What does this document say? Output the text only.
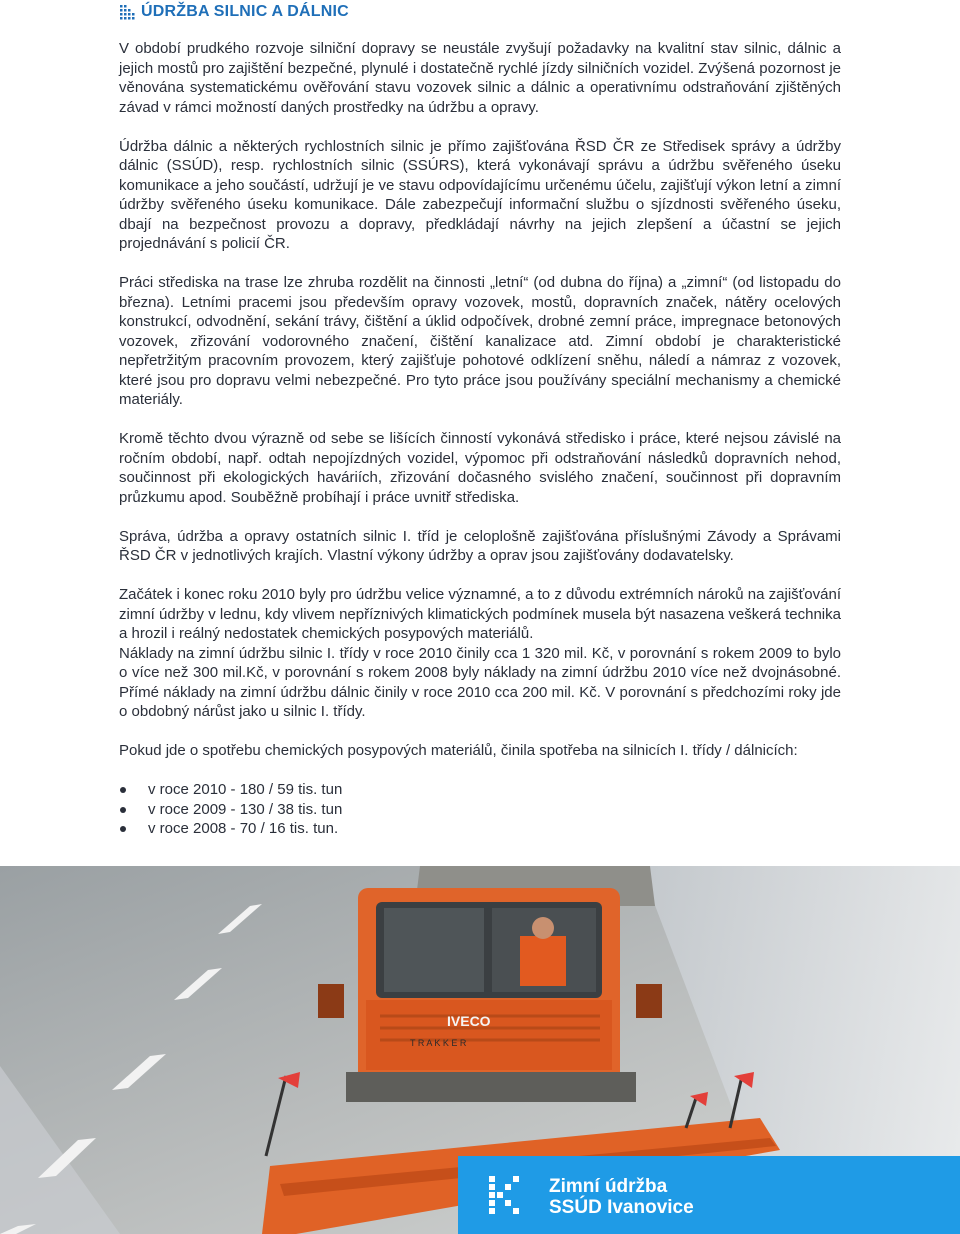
ÚDRŽBA SILNIC A DÁLNIC

V období prudkého rozvoje silniční dopravy se neustále zvyšují požadavky na kvalitní stav silnic, dálnic a jejich mostů pro zajištění bezpečné, plynulé i dostatečně rychlé jízdy silničních vozidel. Zvýšená pozornost je věnována systematickému ověřování stavu vozovek silnic a dálnic a operativnímu odstraňování zjištěných závad v rámci možností daných prostředky na údržbu a opravy.

Údržba dálnic a některých rychlostních silnic je přímo zajišťována ŘSD ČR ze Středisek správy a údržby dálnic (SSÚD), resp. rychlostních silnic (SSÚRS), která vykonávají správu a údržbu svěřeného úseku komunikace a jeho součástí, udržují je ve stavu odpovídajícímu určenému účelu, zajišťují výkon letní a zimní údržby svěřeného úseku komunikace. Dále zabezpečují informační službu o sjízdnosti svěřeného úseku, dbají na bezpečnost provozu a dopravy, předkládají návrhy na jejich zlepšení a účastní se jejich projednávání s policií ČR.

Práci střediska na trase lze zhruba rozdělit na činnosti „letní“ (od dubna do října) a „zimní“ (od listopadu do března). Letními pracemi jsou především opravy vozovek, mostů, dopravních značek, nátěry ocelových konstrukcí, odvodnění, sekání trávy, čištění a úklid odpočívek, drobné zemní práce, impregnace betonových vozovek, zřizování vodorovného značení, čištění kanalizace atd. Zimní období je charakteristické nepřetržitým pracovním provozem, který zajišťuje pohotové odklízení sněhu, náledí a námraz z vozovek, které jsou pro dopravu velmi nebezpečné. Pro tyto práce jsou používány speciální mechanismy a chemické materiály.

Kromě těchto dvou výrazně od sebe se lišících činností vykonává středisko i práce, které nejsou závislé na ročním období, např. odtah nepojízdných vozidel, výpomoc při odstraňování následků dopravních nehod, součinnost při ekologických haváriích, zřizování dočasného svislého značení, součinnost při dopravním průzkumu apod. Souběžně probíhají i práce uvnitř střediska.

Správa, údržba a opravy ostatních silnic I. tříd je celoplošně zajišťována příslušnými Závody a Správami ŘSD ČR v jednotlivých krajích. Vlastní výkony údržby a oprav jsou zajišťovány dodavatelsky.

Začátek i konec roku 2010 byly pro údržbu velice významné, a to z důvodu extrémních nároků na zajišťování zimní údržby v lednu, kdy vlivem nepříznivých klimatických podmínek musela být nasazena veškerá technika a hrozil i reálný nedostatek chemických posypových materiálů.

Náklady na zimní údržbu silnic I. třídy v roce 2010 činily cca 1 320 mil. Kč, v porovnání s rokem 2009 to bylo o více než 300 mil.Kč, v porovnání s rokem 2008 byly náklady na zimní údržbu 2010 více než dvojnásobné. Přímé náklady na zimní údržbu dálnic činily v roce 2010 cca 200 mil. Kč. V porovnání s předchozími roky jde o obdobný nárůst jako u silnic I. třídy.

Pokud jde o spotřebu chemických posypových materiálů, činila spotřeba na silnicích I. třídy / dálnicích:

v roce 2010 - 180 / 59 tis. tun
v roce 2009 - 130 / 38 tis. tun
v roce 2008 - 70 / 16 tis. tun.
IVECO
T R A K K E R
Zimní údržba
SSÚD Ivanovice
